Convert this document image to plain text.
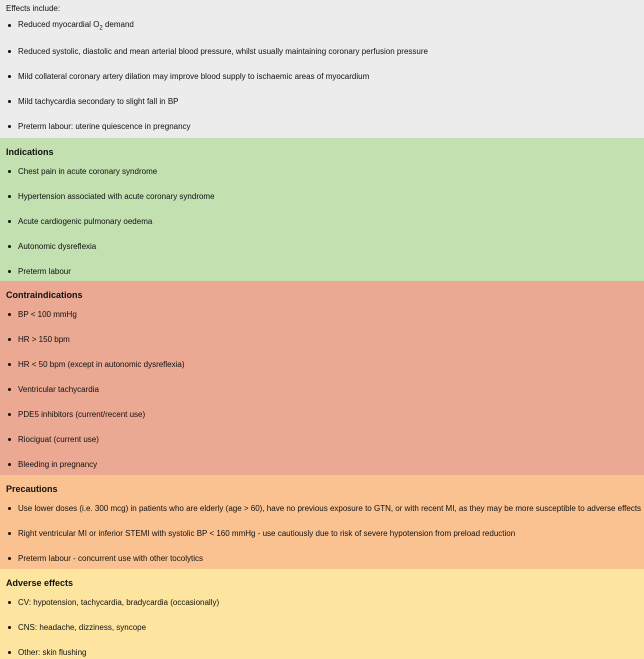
Effects include:

Reduced myocardial $O_2$ demand
Reduced systolic, diastolic and mean arterial blood pressure, whilst usually maintaining coronary perfusion pressure
Mild collateral coronary artery dilation may improve blood supply to ischaemic areas of myocardium
Mild tachycardia secondary to slight fall in BP
Preterm labour: uterine quiescence in pregnancy
Indications
Chest pain in acute coronary syndrome
Hypertension associated with acute coronary syndrome
Acute cardiogenic pulmonary oedema
Autonomic dysreflexia
Preterm labour
Contraindications
BP < 100 mmHg
HR > 150 bpm
HR < 50 bpm (except in autonomic dysreflexia)
Ventricular tachycardia
PDE5 inhibitors (current/recent use)
Riociguat (current use)
Bleeding in pregnancy
Precautions
Use lower doses (i.e. 300 mcg) in patients who are elderly (age > 60), have no previous exposure to GTN, or with recent MI, as they may be more susceptible to adverse effects
Right ventricular MI or inferior STEMI with systolic BP < 160 mmHg - use cautiously due to risk of severe hypotension from preload reduction
Preterm labour - concurrent use with other tocolytics
Adverse effects
CV: hypotension, tachycardia, bradycardia (occasionally)
CNS: headache, dizziness, syncope
Other: skin flushing
